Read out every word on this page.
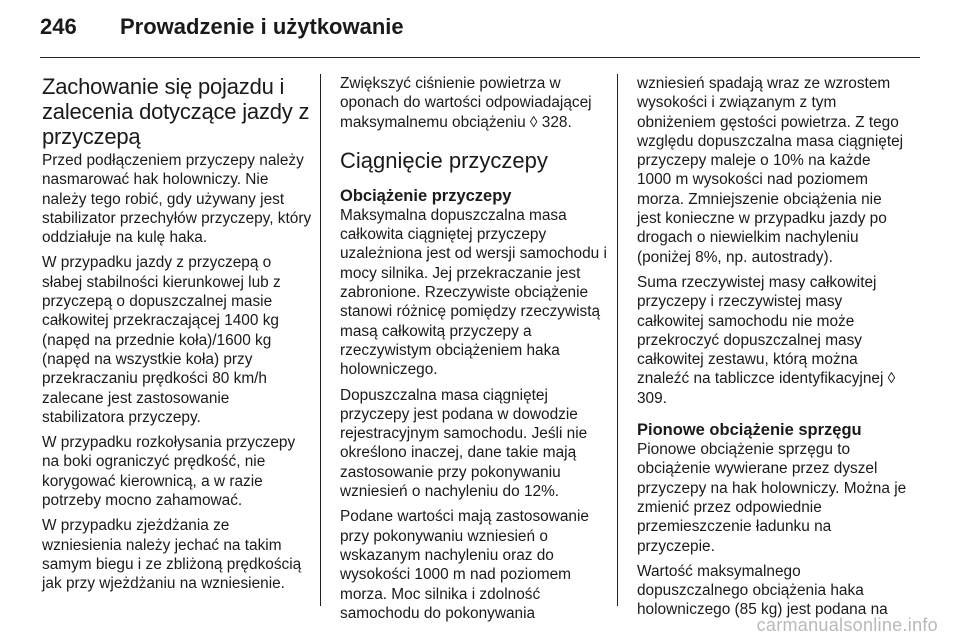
246	Prowadzenie i użytkowanie
Zachowanie się pojazdu i zalecenia dotyczące jazdy z przyczepą

Przed podłączeniem przyczepy należy nasmarować hak holowniczy. Nie należy tego robić, gdy używany jest stabilizator przechyłów przyczepy, który oddziałuje na kulę haka.

W przypadku jazdy z przyczepą o słabej stabilności kierunkowej lub z przyczepą o dopuszczalnej masie całkowitej przekraczającej 1400 kg (napęd na przednie koła)/1600 kg (napęd na wszystkie koła) przy przekraczaniu prędkości 80 km/h zalecane jest zastosowanie stabilizatora przyczepy.

W przypadku rozkołysania przyczepy na boki ograniczyć prędkość, nie korygować kierownicą, a w razie potrzeby mocno zahamować.

W przypadku zjeżdżania ze wzniesienia należy jechać na takim samym biegu i ze zbliżoną prędkością jak przy wjeżdżaniu na wzniesienie.

Zwiększyć ciśnienie powietrza w oponach do wartości odpowiadającej maksymalnemu obciążeniu ◊ 328.

Ciągnięcie przyczepy
Obciążenie przyczepy

Maksymalna dopuszczalna masa całkowita ciągniętej przyczepy uzależniona jest od wersji samochodu i mocy silnika. Jej przekraczanie jest zabronione. Rzeczywiste obciążenie stanowi różnicę pomiędzy rzeczywistą masą całkowitą przyczepy a rzeczywistym obciążeniem haka holowniczego.

Dopuszczalna masa ciągniętej przyczepy jest podana w dowodzie rejestracyjnym samochodu. Jeśli nie określono inaczej, dane takie mają zastosowanie przy pokonywaniu wzniesień o nachyleniu do 12%.

Podane wartości mają zastosowanie przy pokonywaniu wzniesień o wskazanym nachyleniu oraz do wysokości 1000 m nad poziomem morza. Moc silnika i zdolność samochodu do pokonywania

wzniesień spadają wraz ze wzrostem wysokości i związanym z tym obniżeniem gęstości powietrza. Z tego względu dopuszczalna masa ciągniętej przyczepy maleje o 10% na każde 1000 m wysokości nad poziomem morza. Zmniejszenie obciążenia nie jest konieczne w przypadku jazdy po drogach o niewielkim nachyleniu (poniżej 8%, np. autostrady).

Suma rzeczywistej masy całkowitej przyczepy i rzeczywistej masy całkowitej samochodu nie może przekroczyć dopuszczalnej masy całkowitej zestawu, którą można znaleźć na tabliczce identyfikacyjnej ◊ 309.

Pionowe obciążenie sprzęgu

Pionowe obciążenie sprzęgu to obciążenie wywierane przez dyszel przyczepy na hak holowniczy. Można je zmienić przez odpowiednie przemieszczenie ładunku na przyczepie.

Wartość maksymalnego dopuszczalnego obciążenia haka holowniczego (85 kg) jest podana na

carmanualsonline.info
